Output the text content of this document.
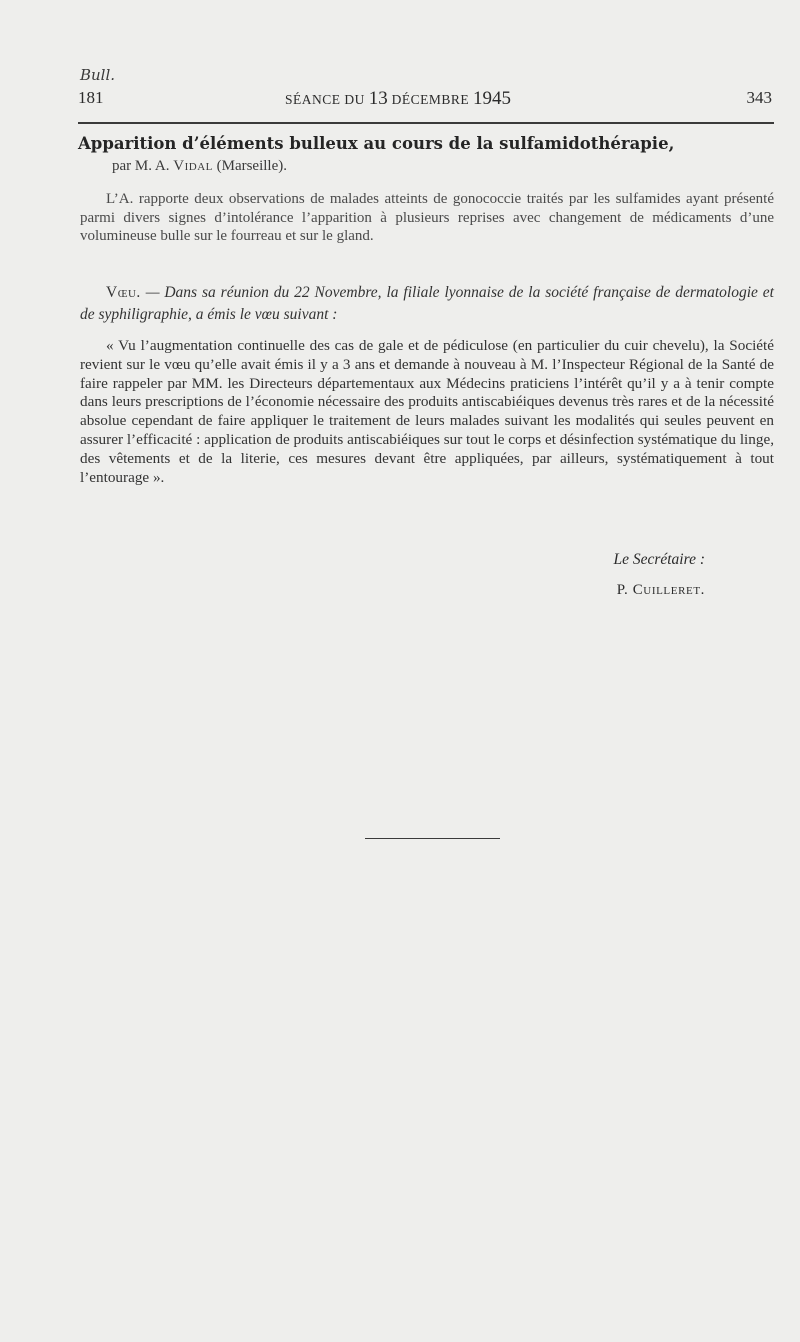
Bull.
181	SÉANCE DU 13 DÉCEMBRE 1945	343
Apparition d’éléments bulleux au cours de la sulfamidothérapie,
par M. A. Vidal (Marseille).

L’A. rapporte deux observations de malades atteints de gonococcie traités par les sulfamides ayant présenté parmi divers signes d’intolérance l’apparition à plusieurs reprises avec changement de médicaments d’une volumineuse bulle sur le fourreau et sur le gland.

Vœu. — Dans sa réunion du 22 Novembre, la filiale lyonnaise de la société française de dermatologie et de syphiligraphie, a émis le vœu suivant :

« Vu l’augmentation continuelle des cas de gale et de pédiculose (en particulier du cuir chevelu), la Société revient sur le vœu qu’elle avait émis il y a 3 ans et demande à nouveau à M. l’Inspecteur Régional de la Santé de faire rappeler par MM. les Directeurs départementaux aux Médecins praticiens l’intérêt qu’il y a à tenir compte dans leurs prescriptions de l’économie nécessaire des produits antiscabiéiques devenus très rares et de la nécessité absolue cependant de faire appliquer le traitement de leurs malades suivant les modalités qui seules peuvent en assurer l’efficacité : application de produits antiscabiéiques sur tout le corps et désinfection systématique du linge, des vêtements et de la literie, ces mesures devant être appliquées, par ailleurs, systématiquement à tout l’entourage ».

Le Secrétaire :
P. Cuilleret.
